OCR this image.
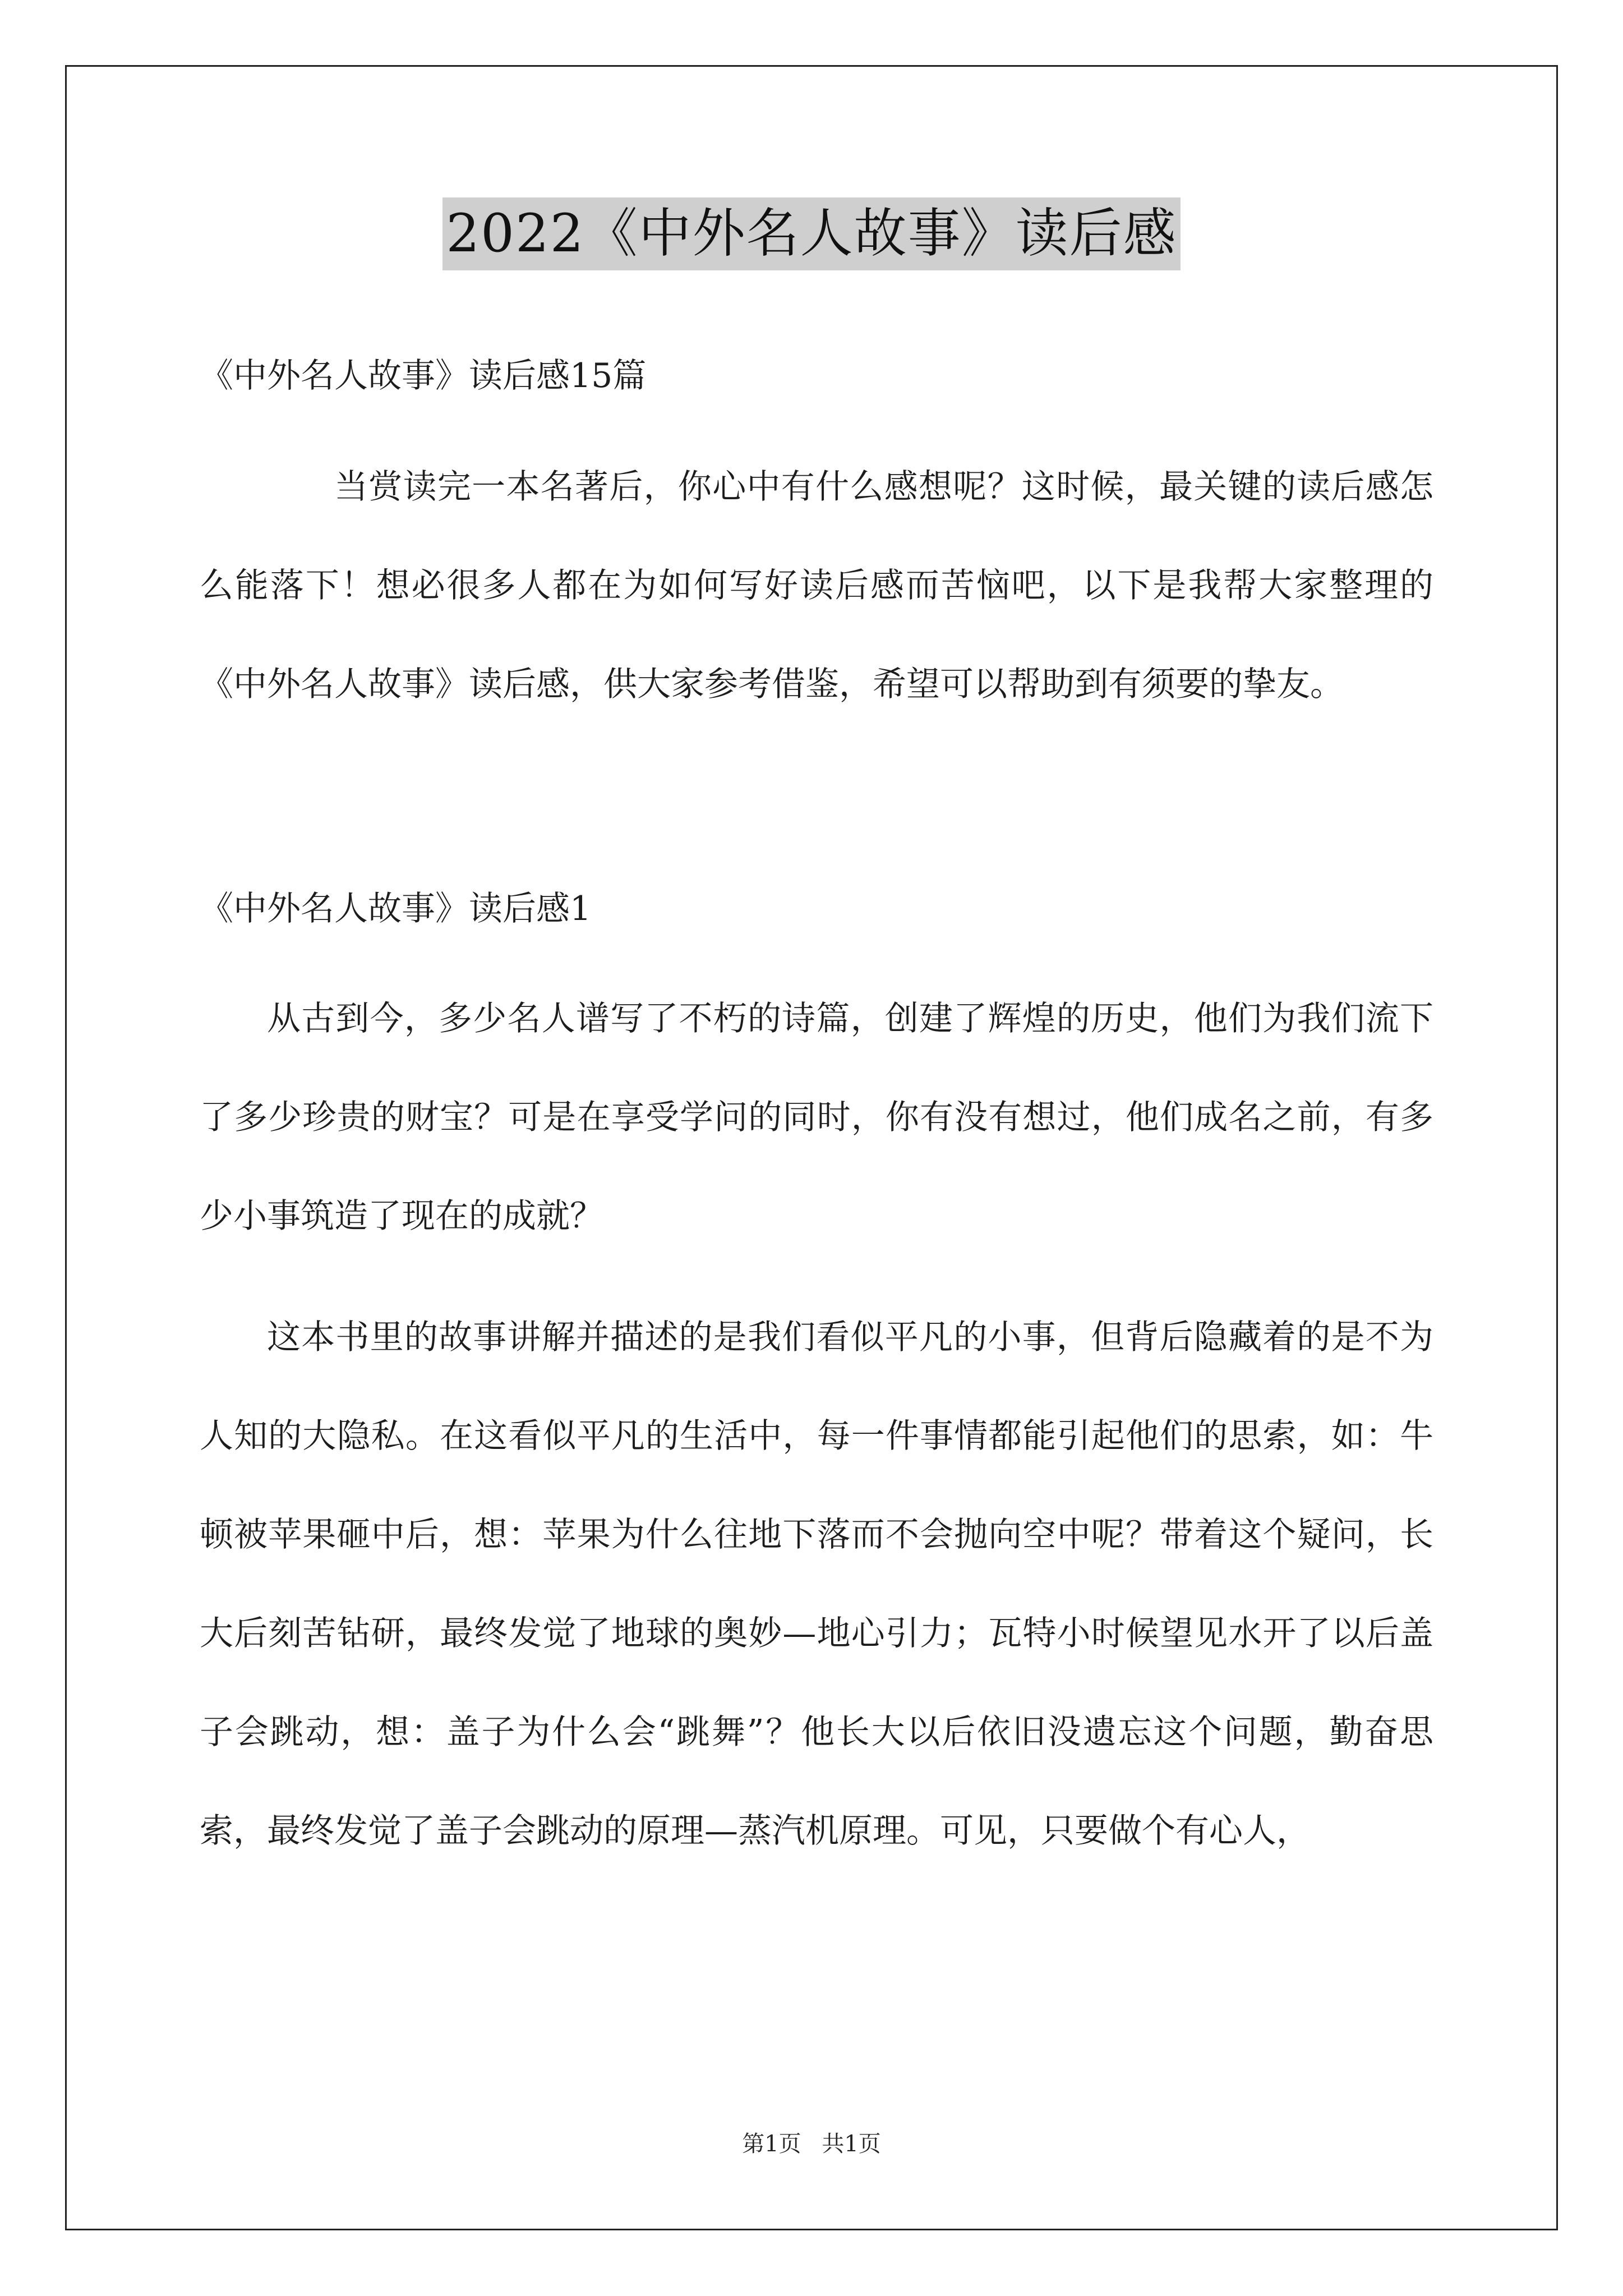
2022《中外名人故事》读后感
《中外名人故事》读后感15篇
当赏读完一本名著后，你心中有什么感想呢？这时候，最关键的读后感怎么能落下！想必很多人都在为如何写好读后感而苦恼吧，以下是我帮大家整理的《中外名人故事》读后感，供大家参考借鉴，希望可以帮助到有须要的挚友。
《中外名人故事》读后感1
从古到今，多少名人谱写了不朽的诗篇，创建了辉煌的历史，他们为我们流下了多少珍贵的财宝？可是在享受学问的同时，你有没有想过，他们成名之前，有多少小事筑造了现在的成就？
这本书里的故事讲解并描述的是我们看似平凡的小事，但背后隐藏着的是不为人知的大隐私。在这看似平凡的生活中，每一件事情都能引起他们的思索，如：牛顿被苹果砸中后，想：苹果为什么往地下落而不会抛向空中呢？带着这个疑问，长大后刻苦钻研，最终发觉了地球的奥妙—地心引力；瓦特小时候望见水开了以后盖子会跳动，想：盖子为什么会“跳舞”？他长大以后依旧没遗忘这个问题，勤奋思索，最终发觉了盖子会跳动的原理—蒸汽机原理。可见，只要做个有心人，
第1页 共1页
